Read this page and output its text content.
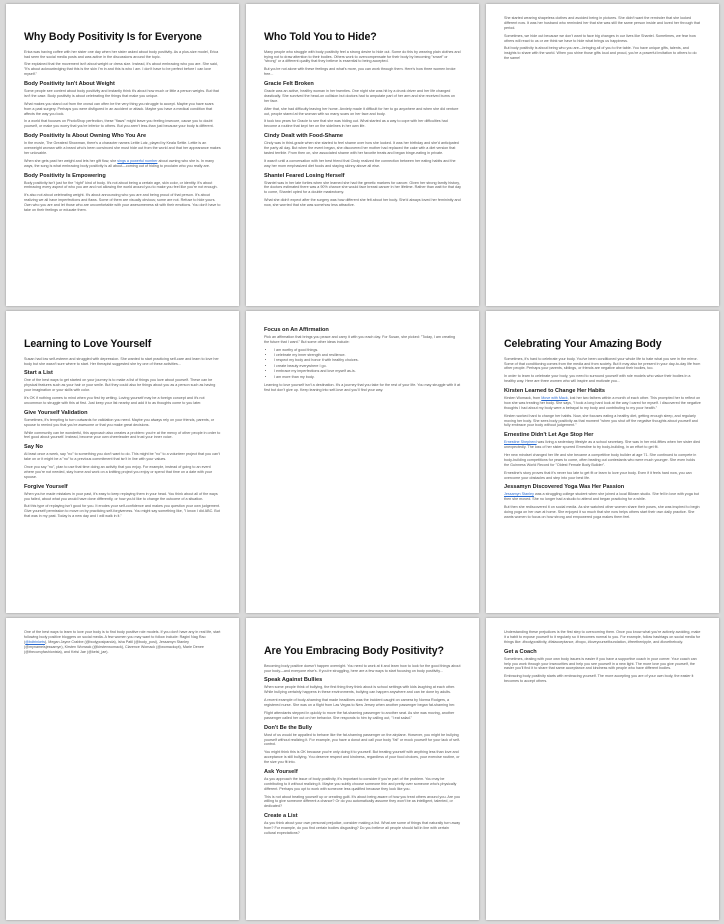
Why Body Positivity Is for Everyone
Erica was having coffee with her sister one day when her sister asked about body positivity. As a plus-size model, Erica had seen the social media posts and was active in the discussions around the topic.
She explained that the movement isn't about weight or dress size. Instead, it's about embracing who you are. She said, "It's about acknowledging that this is the skin I'm in and this is who I am. I don't have to be perfect before I can love myself."
Body Positivity Isn't About Weight
Some people see content about body positivity and instantly think it's about how much or little a person weighs. But that isn't the case. Body positivity is about celebrating the things that make you unique.
What makes you stand out from the crowd can often be the very thing you struggle to accept. Maybe you have scars from a past surgery. Perhaps you were disfigured in an accident or attack. Maybe you have a medical condition that affects the way you look.
In a world that focuses on PhotoShop perfection, these "flaws" might leave you feeling insecure, cause you to doubt yourself, or make you worry that you're inferior to others. But you aren't less-than just because your body is different.
Body Positivity Is About Owning Who You Are
In the movie, The Greatest Showman, there's a character names Lettie Lutz, played by Keala Settle. Lettie is an overweight woman with a beard who's been convinced she must hide out from the world and that her appearance makes her unlovable.
When she gets past her weight and lets her gift flow, she sings a powerful number about owning who she is. In many ways, the song is what embracing body positivity is all about—coming out of hiding to proclaim who you really are.
Body Positivity Is Empowering
Body positivity isn't just for the "right" kind of body. It's not about being a certain age, skin color, or identity. It's about embracing every aspect of who you are and not allowing the world around you to make you feel like you're not enough.
It's also not about celebrating weight. It's about announcing who you are and being proud of that person. It's about realizing we all have imperfections and flaws. Some of them are visually obvious; some are not. Refuse to hide yours. Own who you are and let those who are uncomfortable with your awesomeness sit with their emotions. You don't have to take on their feelings or educate them.
Who Told You to Hide?
Many people who struggle with body positivity feel a strong desire to hide out. Some do this by wearing plain clothes and trying not to draw attention to their bodies. Others work to overcompensate for their body by becoming "smart" or "strong" or a different quality that they believe is essential to being accepted.
But you're not alone with these feelings and what's more, you can work through them. Here's how three women broke free...
Gracie Felt Broken
Gracie was an active, healthy woman in her twenties. One night she was hit by a drunk driver and her life changed drastically. She survived the head-on collision but doctors had to amputate part of her arm and she received burns on her face.
After that, she had difficulty leaving her home. Anxiety made it difficult for her to go anywhere and when she did venture out, people stared at the woman with so many scars on her face and body.
It took two years for Gracie to see that she was hiding out. What started as a way to cope with her difficulties had become a routine that kept her on the sidelines in her own life.
Cindy Dealt with Food-Shame
Cindy was in third-grade when she started to feel shame over how she looked. It was her birthday and she'd anticipated the party all day. But when the event began, she discovered her mother had replaced the cake with a diet version that tasted terrible. From then on, she associated shame with her favorite treats and began binge-eating in private.
It wasn't until a conversation with her best friend that Cindy realized the connection between her eating habits and the way her mom emphasized diet foods and staying skinny above all else.
Shantel Feared Losing Herself
Shantel was in her late forties when she learned she had the genetic markers for cancer. Given her strong family history, the doctors estimated there was a 90% chance she would face breast cancer in her lifetime. Rather than wait for that day to come, Shantel opted for a double mastectomy.
What she didn't expect after the surgery was how different she felt about her body. She'd always loved her femininity and now, she worried that she was somehow less attractive.
She started wearing shapeless clothes and avoided being in pictures. She didn't want the reminder that she looked different now. It was her husband who reminded her that she was still the same person inside and loved her through that period.
Sometimes, we hide out because we don't want to face big changes in our lives like Shantel. Sometimes, we fear how others will react to us or we think we have to hide what brings us happiness.
But body positivity is about being who you are—bringing all of you to the table. You have unique gifts, talents, and insights to share with the world. When you shine those gifts loud and proud, you're a powerful invitation to others to do the same!
Learning to Love Yourself
Susan had low self-esteem and struggled with depression. She wanted to start practicing self-care and learn to love her body but she wasn't sure where to start. Her therapist suggested she try one of these activities...
Start a List
One of the best ways to get started on your journey is to make a list of things you love about yourself. These can be physical features such as your hair or your smile. But they could also be things about you as a person such as having your imagination or your skills with color.
It's OK if nothing comes to mind when you first try writing. Loving yourself may be a foreign concept and it's not uncommon to struggle with this at first. Just keep your list nearby and add it to as thoughts come to you later.
Give Yourself Validation
Sometimes, it's tempting to turn outwards for validation you need. Maybe you always rely on your friends, parents, or spouse to remind you that you're awesome or that you make great decisions.
While community can be wonderful, this approach also creates a problem: you're at the mercy of other people in order to feel good about yourself. Instead, become your own cheerleader and trust your inner voice.
Say No
At least once a week, say "no" to something you don't want to do. This might be "no" to a volunteer project that you can't take on or it might be a "no" to a previous commitment that isn't in line with your values.
Once you say "no", plan to use that time doing an activity that you enjoy. For example, instead of going to an event where you're not needed, stay home and work on a knitting project you enjoy or spend that time on a date with your spouse.
Forgive Yourself
When you've made mistakes in your past, it's easy to keep replaying them in your head. You think about all of the ways you failed, about what you would have done differently, or how you'd like to change the outcome of a situation.
But this type of replaying isn't good for you. It erodes your self-confidence and makes you question your own judgement. Give yourself permission to move on by practicing self-forgiveness. You might say something like, "I know I did ABC. But that was in my past. Today is a new day and I will walk in it."
Focus on An Affirmation
Pick an affirmation that brings you peace and carry it with you each day. For Susan, she picked: "Today, I am creating the future that I want." But some other ideas include:
• I am worthy of good things.
• I celebrate my inner strength and resilience.
• I respect my body and honor it with healthy choices.
• I create beauty everywhere I go.
• I embrace my imperfections and love myself as-is.
• I am more than my body.
Learning to love yourself isn't a destination. It's a journey that you take for the rest of your life. You may struggle with it at first but don't give up. Keep leaning into self-love and you'll find your way.
Celebrating Your Amazing Body
Sometimes, it's hard to celebrate your body. You've been conditioned your whole life to hate what you see in the mirror. Some of that conditioning comes from the media and from society. But it may also be present in your day-to-day life from other people. Perhaps your parents, siblings, or friends are negative about their bodies, too.
In order to learn to celebrate your body, you need to surround yourself with role models who value their bodies in a healthy way. Here are three women who will inspire and motivate you...
Kirsten Learned to Change Her Habits
Kirsten Womack, from Move with Mack, lost her two fathers within a month of each other. This prompted her to reflect on how she was treating her body. She says, "I took a long hard look at the way I cared for myself. I discovered the negative thoughts I had about my body were a betrayal to my body and contributing to my poor health."
Kirsten worked hard to change her habits. Now, she focuses eating a healthy diet, getting enough sleep, and regularly moving her body. She sees body positivity as that moment "when you shut off the negative thoughts about yourself and fully embrace your body without judgement."
Ernestine Didn't Let Age Stop Her
Ernestine Shepherd was living a sedentary lifestyle as a school secretary. She was in her mid-fifties when her sister died unexpectedly. The loss of her sister spurred Ernestine to try body-building, in an effort to get fit.
Her new mindset changed her life and she became a competitive body builder at age 71. She continued to compete in body-building competitions for years to come, often beating out contestants who were much younger. She even holds the Guinness World Record for "Oldest Female Body Builder".
Ernestine's story proves that it's never too late to get fit or learn to love your body. Even if it feels hard now, you can overcome your obstacles and step into your best life.
Jessamyn Discovered Yoga Was Her Passion
Jessamyn Stanley was a struggling college student when she joined a local Bikram studio. She fell in love with yoga but then she moved. She no longer had a studio to attend and began practicing for a while.
But then she rediscovered it on social media. As she watched other women share their poses, she was inspired to begin doing yoga on her own at home. She enjoyed it so much that she now helps others start their own daily practice. She wants women to focus on how strong and empowered yoga makes them feel.
One of the best ways to learn to love your body is to find body positive role models. If you don't have any in real life, start following body positive bloggers on social media. A few women you may want to follow include: Ragini Nag Rao (@bdtrinkets), Megan Jayne Crabbe (@bodyposipanda), Isha Patil (@body_posi), Jessamyn Stanley (@mynameisjessamyn), Kirsten Womack (@kirstenwomack), Clarence Womack (@womackcpt), Marie Denee (@thecurvyfashionista), and Kelsi Jae (@kelsi_jae).	Are You Embracing Body Positivity?
Becoming body positive doesn't happen overnight. You need to work at it and learn how to look for the good things about your body—and everyone else's. If you're struggling, here are a few ways to start focusing on body positivity...
Speak Against Bullies
When some people think of bullying, the first thing they think about is school settings with kids laughing at each other. While bullying certainly happens in these environments, bullying can happen anywhere and can be done by adults.
A recent example of body-shaming that made headlines was the incident caught on camera by Norma Rodgers, a registered nurse. She was on a flight from Las Vegas to New Jersey when another passenger began fat-shaming her.
Flight attendants stepped in quickly to move the fat-shaming passenger to another seat. As she was moving, another passenger called her out on her behavior. She responds to him by calling out, "I eat salad."
Don't Be the Bully
Most of us would be appalled to behave like the fat-shaming passenger on the airplane. However, you might be bullying yourself without realizing it. For example, you have a donut and call your body "fat" or mock yourself for your lack of self-control.
You might think this is OK because you're only doing it to yourself. But treating yourself with anything less than love and acceptance is still bullying. You deserve respect and kindness, regardless of your food choices, your exercise routine, or the size you fit into.
Ask Yourself
As you approach the issue of body positivity, it's important to consider if you're part of the problem. You may be contributing to it without realizing it. Maybe you subtly choose someone thin and pretty over someone who's physically different. Perhaps you opt to work with someone less qualified because they look like you.
This is not about beating yourself up or creating guilt. It's about being aware of how you treat others around you. Are you willing to give someone different a chance? Or do you automatically assume they won't be as intelligent, talented, or dedicated?
Create a List
As you think about your own personal prejudice, consider making a list. What are some of things that naturally turn away from? For example, do you find certain bodies disgusting? Do you believe all people should fall in line with certain cultural expectations?
Understanding these prejudices is the first step to overcoming them. Once you know what you're actively avoiding, make it a habit to expose yourself to it regularly so it becomes normal to you. For example, follow hashtags on social media for things like: #bodypositivity, #fatacceptance, #bopo, #loveyourselfoundation, #freethenipple, and #lovethebody.
Get a Coach
Sometimes, dealing with your own body issues is easier if you have a supportive coach in your corner. Your coach can help you work through your insecurities and help you see yourself in a new light. The more love you give yourself, the easier you'll find it to share that same acceptance and kindness with people who have different bodies.
Embracing body positivity starts with embracing yourself. The more accepting you are of your own body, the easier it becomes to accept others.
